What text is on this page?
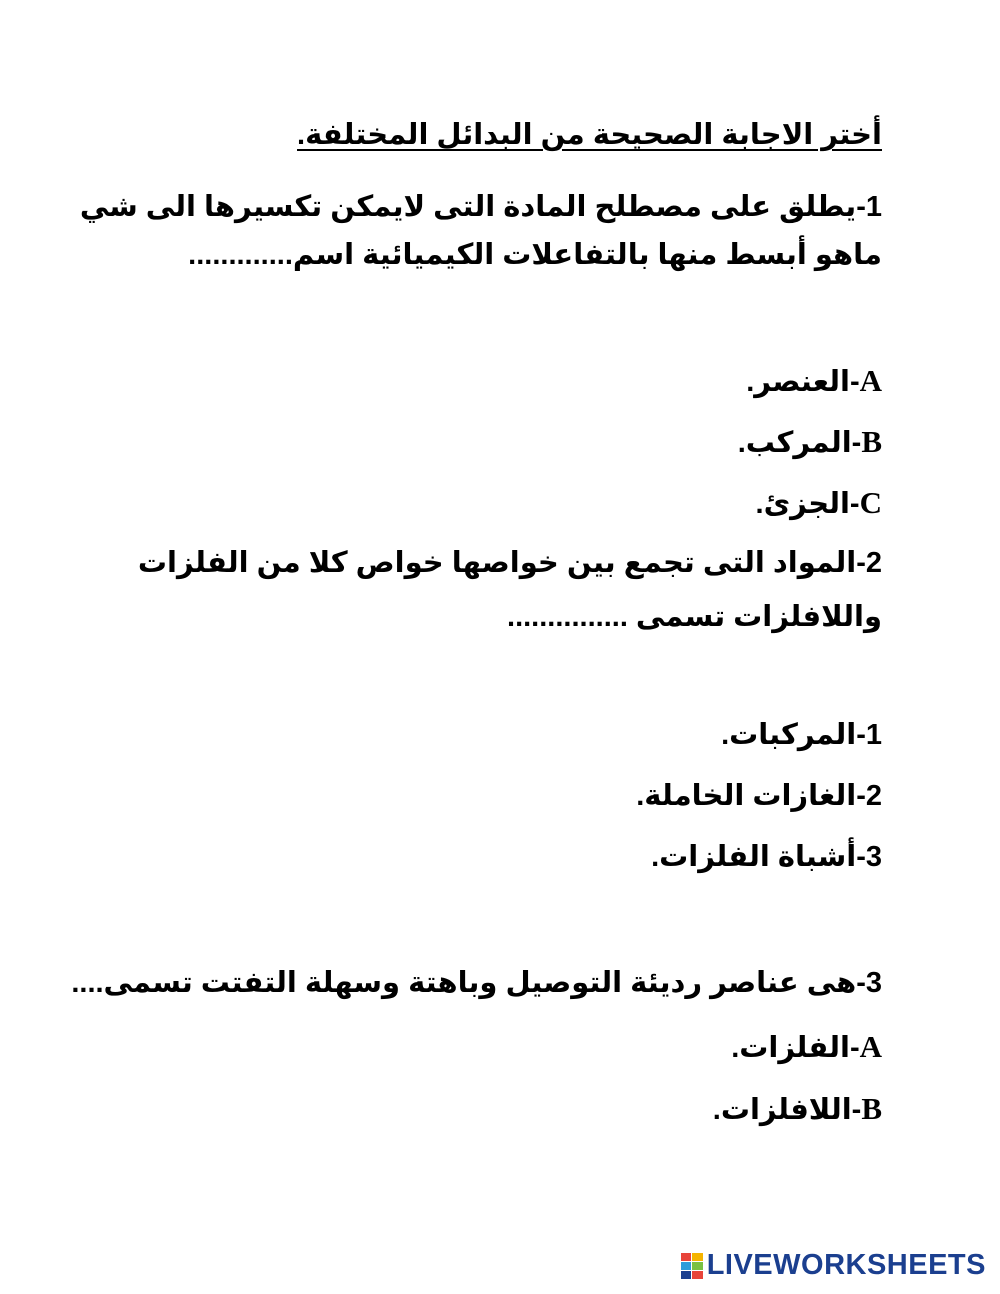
أختر الاجابة الصحيحة من البدائل المختلفة.
1-يطلق على مصطلح المادة التى لايمكن تكسيرها الى شي
ماهو أبسط منها بالتفاعلات الكيميائية اسم.............
A-العنصر.
B-المركب.
C-الجزئ.
2-المواد التى تجمع بين خواصها خواص كلا من الفلزات
واللافلزات تسمى ...............
1-المركبات.
2-الغازات الخاملة.
3-أشباة الفلزات.
3-هى عناصر رديئة التوصيل وباهتة وسهلة التفتت تسمى....
A-الفلزات.
B-اللافلزات.
LIVEWORKSHEETS
